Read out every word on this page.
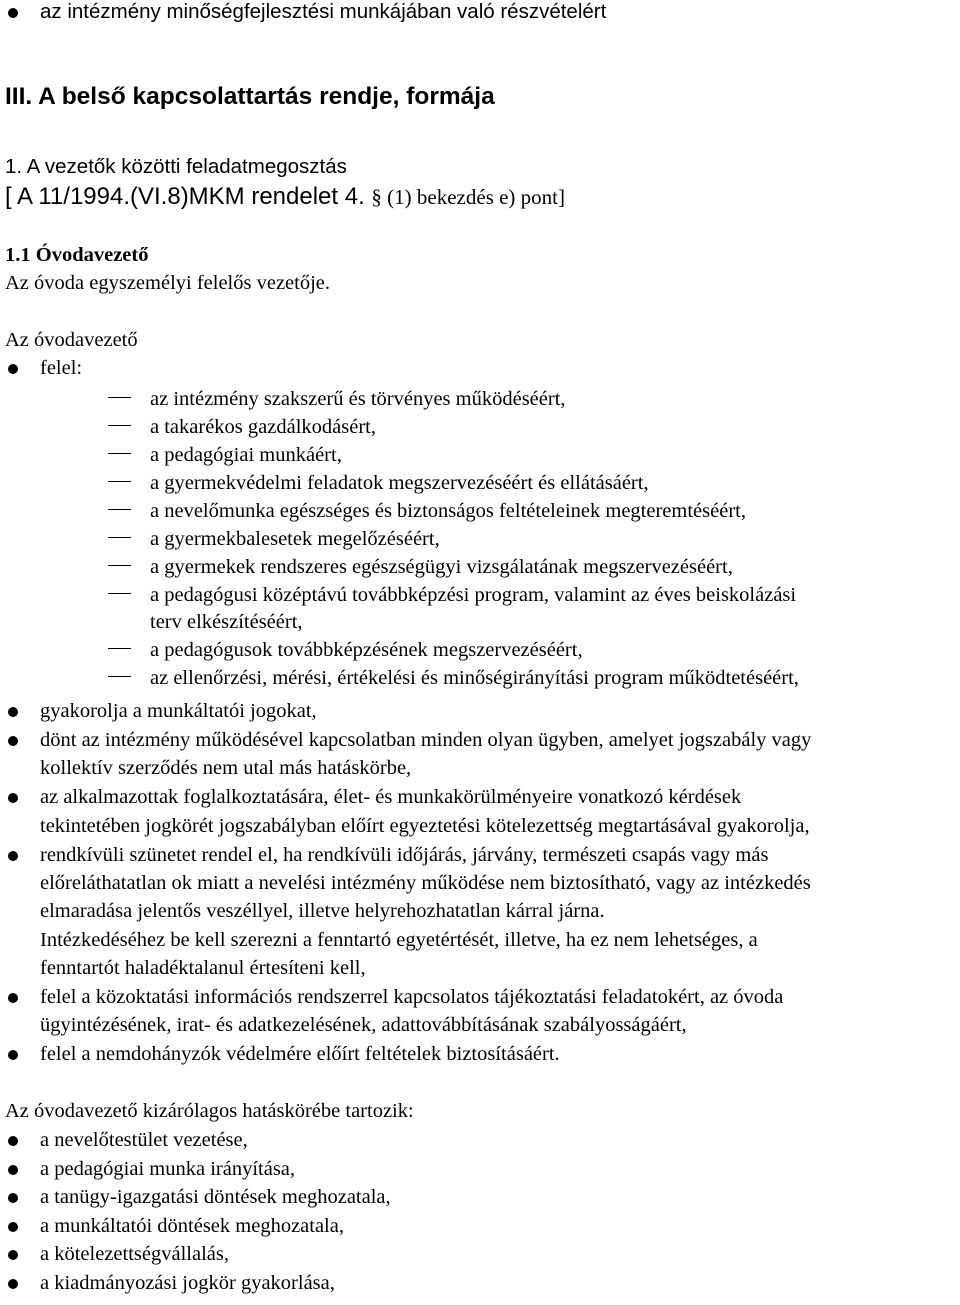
az intézmény minőségfejlesztési munkájában való részvételért
III. A belső kapcsolattartás rendje, formája
1. A vezetők közötti feladatmegosztás
[ A 11/1994.(VI.8)MKM rendelet 4. § (1) bekezdés e) pont]
1.1 Óvodavezető
Az óvoda egyszemélyi felelős vezetője.
Az óvodavezető
felel:
az intézmény szakszerű és törvényes működéséért,
a takarékos gazdálkodásért,
a pedagógiai munkáért,
a gyermekvédelmi feladatok megszervezéséért és ellátásáért,
a nevelőmunka egészséges és biztonságos feltételeinek megteremtéséért,
a gyermekbalesetek megelőzéséért,
a gyermekek rendszeres egészségügyi vizsgálatának megszervezéséért,
a pedagógusi középtávú továbbképzési program, valamint az éves beiskolázási
terv elkészítéséért,
a pedagógusok továbbképzésének megszervezéséért,
az ellenőrzési, mérési, értékelési és minőségirányítási program működtetéséért,
gyakorolja a munkáltatói jogokat,
dönt az intézmény működésével kapcsolatban minden olyan ügyben, amelyet jogszabály vagy
kollektív szerződés nem utal más hatáskörbe,
az alkalmazottak foglalkoztatására, élet- és munkakörülményeire vonatkozó kérdések
tekintetében jogkörét jogszabályban előírt egyeztetési kötelezettség megtartásával gyakorolja,
rendkívüli szünetet rendel el, ha rendkívüli időjárás, járvány, természeti csapás vagy más
előreláthatatlan ok miatt a nevelési intézmény működése nem biztosítható, vagy az intézkedés
elmaradása jelentős veszéllyel, illetve helyrehozhatatlan kárral járna.
Intézkedéséhez be kell szerezni a fenntartó egyetértését, illetve, ha ez nem lehetséges, a
fenntartót haladéktalanul értesíteni kell,
felel a közoktatási információs rendszerrel kapcsolatos tájékoztatási feladatokért, az óvoda
ügyintézésének, irat- és adatkezelésének, adattovábbításának szabályosságáért,
felel a nemdohányzók védelmére előírt feltételek biztosításáért.
Az óvodavezető kizárólagos hatáskörébe tartozik:
a nevelőtestület vezetése,
a pedagógiai munka irányítása,
a tanügy-igazgatási döntések meghozatala,
a munkáltatói döntések meghozatala,
a kötelezettségvállalás,
a kiadmányozási jogkör gyakorlása,
